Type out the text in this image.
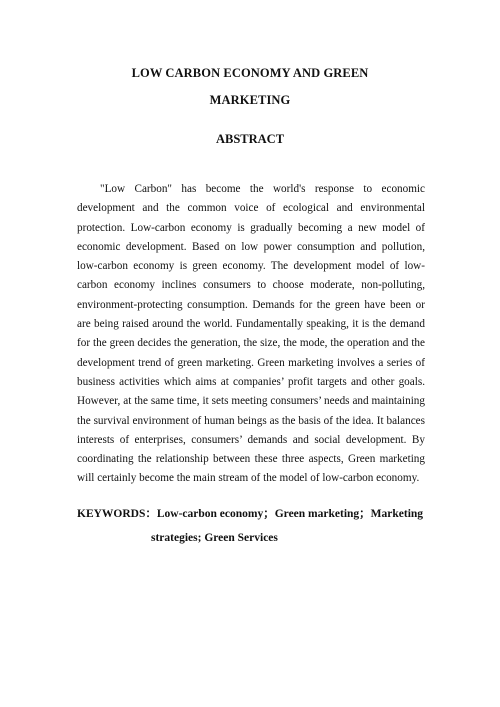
LOW CARBON ECONOMY AND GREEN
MARKETING
ABSTRACT

"Low Carbon" has become the world's response to economic development and the common voice of ecological and environmental protection. Low-carbon economy is gradually becoming a new model of economic development. Based on low power consumption and pollution, low-carbon economy is green economy. The development model of low-carbon economy inclines consumers to choose moderate, non-polluting, environment-protecting consumption. Demands for the green have been or are being raised around the world. Fundamentally speaking, it is the demand for the green decides the generation, the size, the mode, the operation and the development trend of green marketing. Green marketing involves a series of business activities which aims at companies’ profit targets and other goals. However, at the same time, it sets meeting consumers’ needs and maintaining the survival environment of human beings as the basis of the idea. It balances interests of enterprises, consumers’ demands and social development. By coordinating the relationship between these three aspects, Green marketing will certainly become the main stream of the model of low-carbon economy.

KEYWORDS：Low-carbon economy；Green marketing；Marketing
strategies; Green Services
